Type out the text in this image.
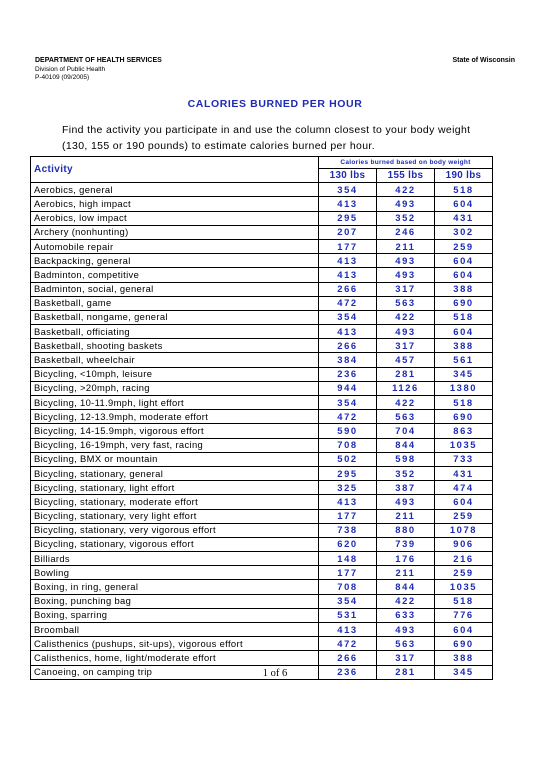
DEPARTMENT OF HEALTH SERVICES	State of Wisconsin
Division of Public Health
P-40109 (09/2005)
CALORIES BURNED PER HOUR
Find the activity you participate in and use the column closest to your body weight (130, 155 or 190 pounds) to estimate calories burned per hour.
Activity	Calories burned based on body weight		
	130 lbs	155 lbs	190 lbs
Aerobics, general	354	422	518
Aerobics, high impact	413	493	604
Aerobics, low impact	295	352	431
Archery (nonhunting)	207	246	302
Automobile repair	177	211	259
Backpacking, general	413	493	604
Badminton, competitive	413	493	604
Badminton, social, general	266	317	388
Basketball, game	472	563	690
Basketball, nongame, general	354	422	518
Basketball, officiating	413	493	604
Basketball, shooting baskets	266	317	388
Basketball, wheelchair	384	457	561
Bicycling, <10mph, leisure	236	281	345
Bicycling, >20mph, racing	944	1126	1380
Bicycling, 10-11.9mph, light effort	354	422	518
Bicycling, 12-13.9mph, moderate effort	472	563	690
Bicycling, 14-15.9mph, vigorous effort	590	704	863
Bicycling, 16-19mph, very fast, racing	708	844	1035
Bicycling, BMX or mountain	502	598	733
Bicycling, stationary, general	295	352	431
Bicycling, stationary, light effort	325	387	474
Bicycling, stationary, moderate effort	413	493	604
Bicycling, stationary, very light effort	177	211	259
Bicycling, stationary, very vigorous effort	738	880	1078
Bicycling, stationary, vigorous effort	620	739	906
Billiards	148	176	216
Bowling	177	211	259
Boxing, in ring, general	708	844	1035
Boxing, punching bag	354	422	518
Boxing, sparring	531	633	776
Broomball	413	493	604
Calisthenics (pushups, sit-ups), vigorous effort	472	563	690
Calisthenics, home, light/moderate effort	266	317	388
Canoeing, on camping trip	236	281	345
1 of 6
